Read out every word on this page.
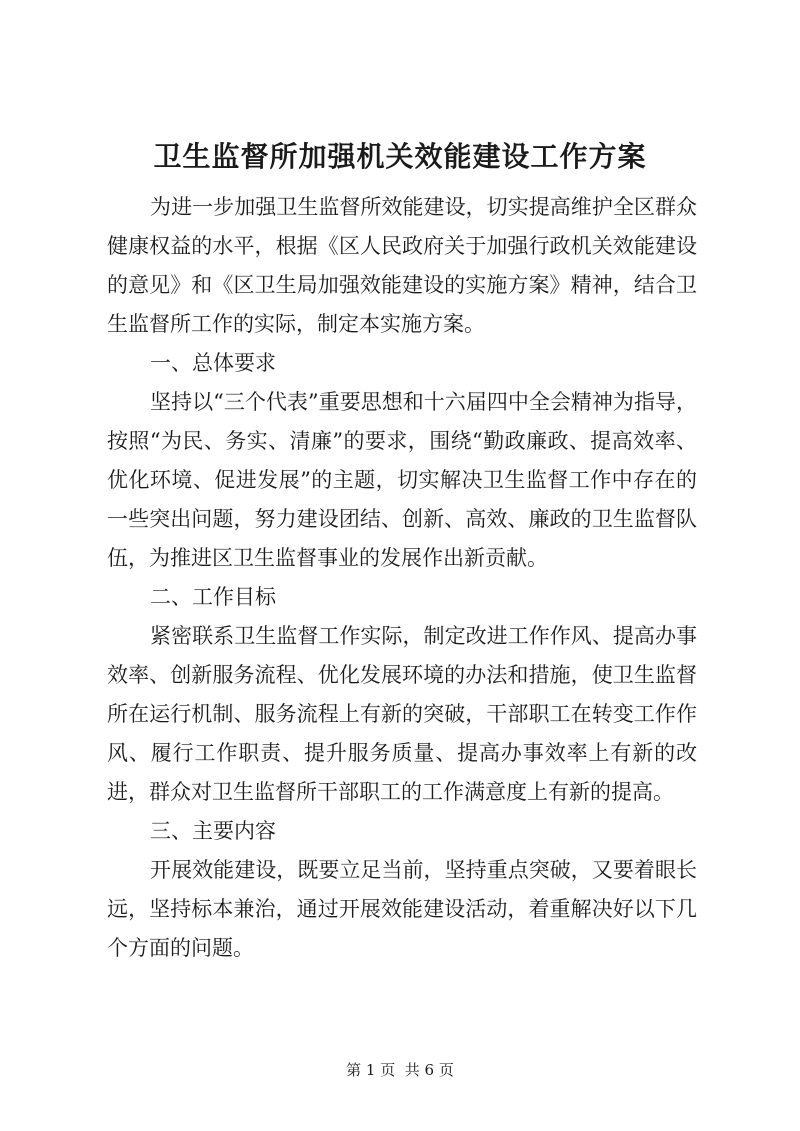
卫生监督所加强机关效能建设工作方案

为进一步加强卫生监督所效能建设，切实提高维护全区群众健康权益的水平，根据《区人民政府关于加强行政机关效能建设的意见》和《区卫生局加强效能建设的实施方案》精神，结合卫生监督所工作的实际，制定本实施方案。

一、总体要求

坚持以“三个代表”重要思想和十六届四中全会精神为指导，按照“为民、务实、清廉”的要求，围绕“勤政廉政、提高效率、优化环境、促进发展”的主题，切实解决卫生监督工作中存在的一些突出问题，努力建设团结、创新、高效、廉政的卫生监督队伍，为推进区卫生监督事业的发展作出新贡献。

二、工作目标

紧密联系卫生监督工作实际，制定改进工作作风、提高办事效率、创新服务流程、优化发展环境的办法和措施，使卫生监督所在运行机制、服务流程上有新的突破，干部职工在转变工作作风、履行工作职责、提升服务质量、提高办事效率上有新的改进，群众对卫生监督所干部职工的工作满意度上有新的提高。

三、主要内容

开展效能建设，既要立足当前，坚持重点突破，又要着眼长远，坚持标本兼治，通过开展效能建设活动，着重解决好以下几个方面的问题。

第 1 页  共 6 页
